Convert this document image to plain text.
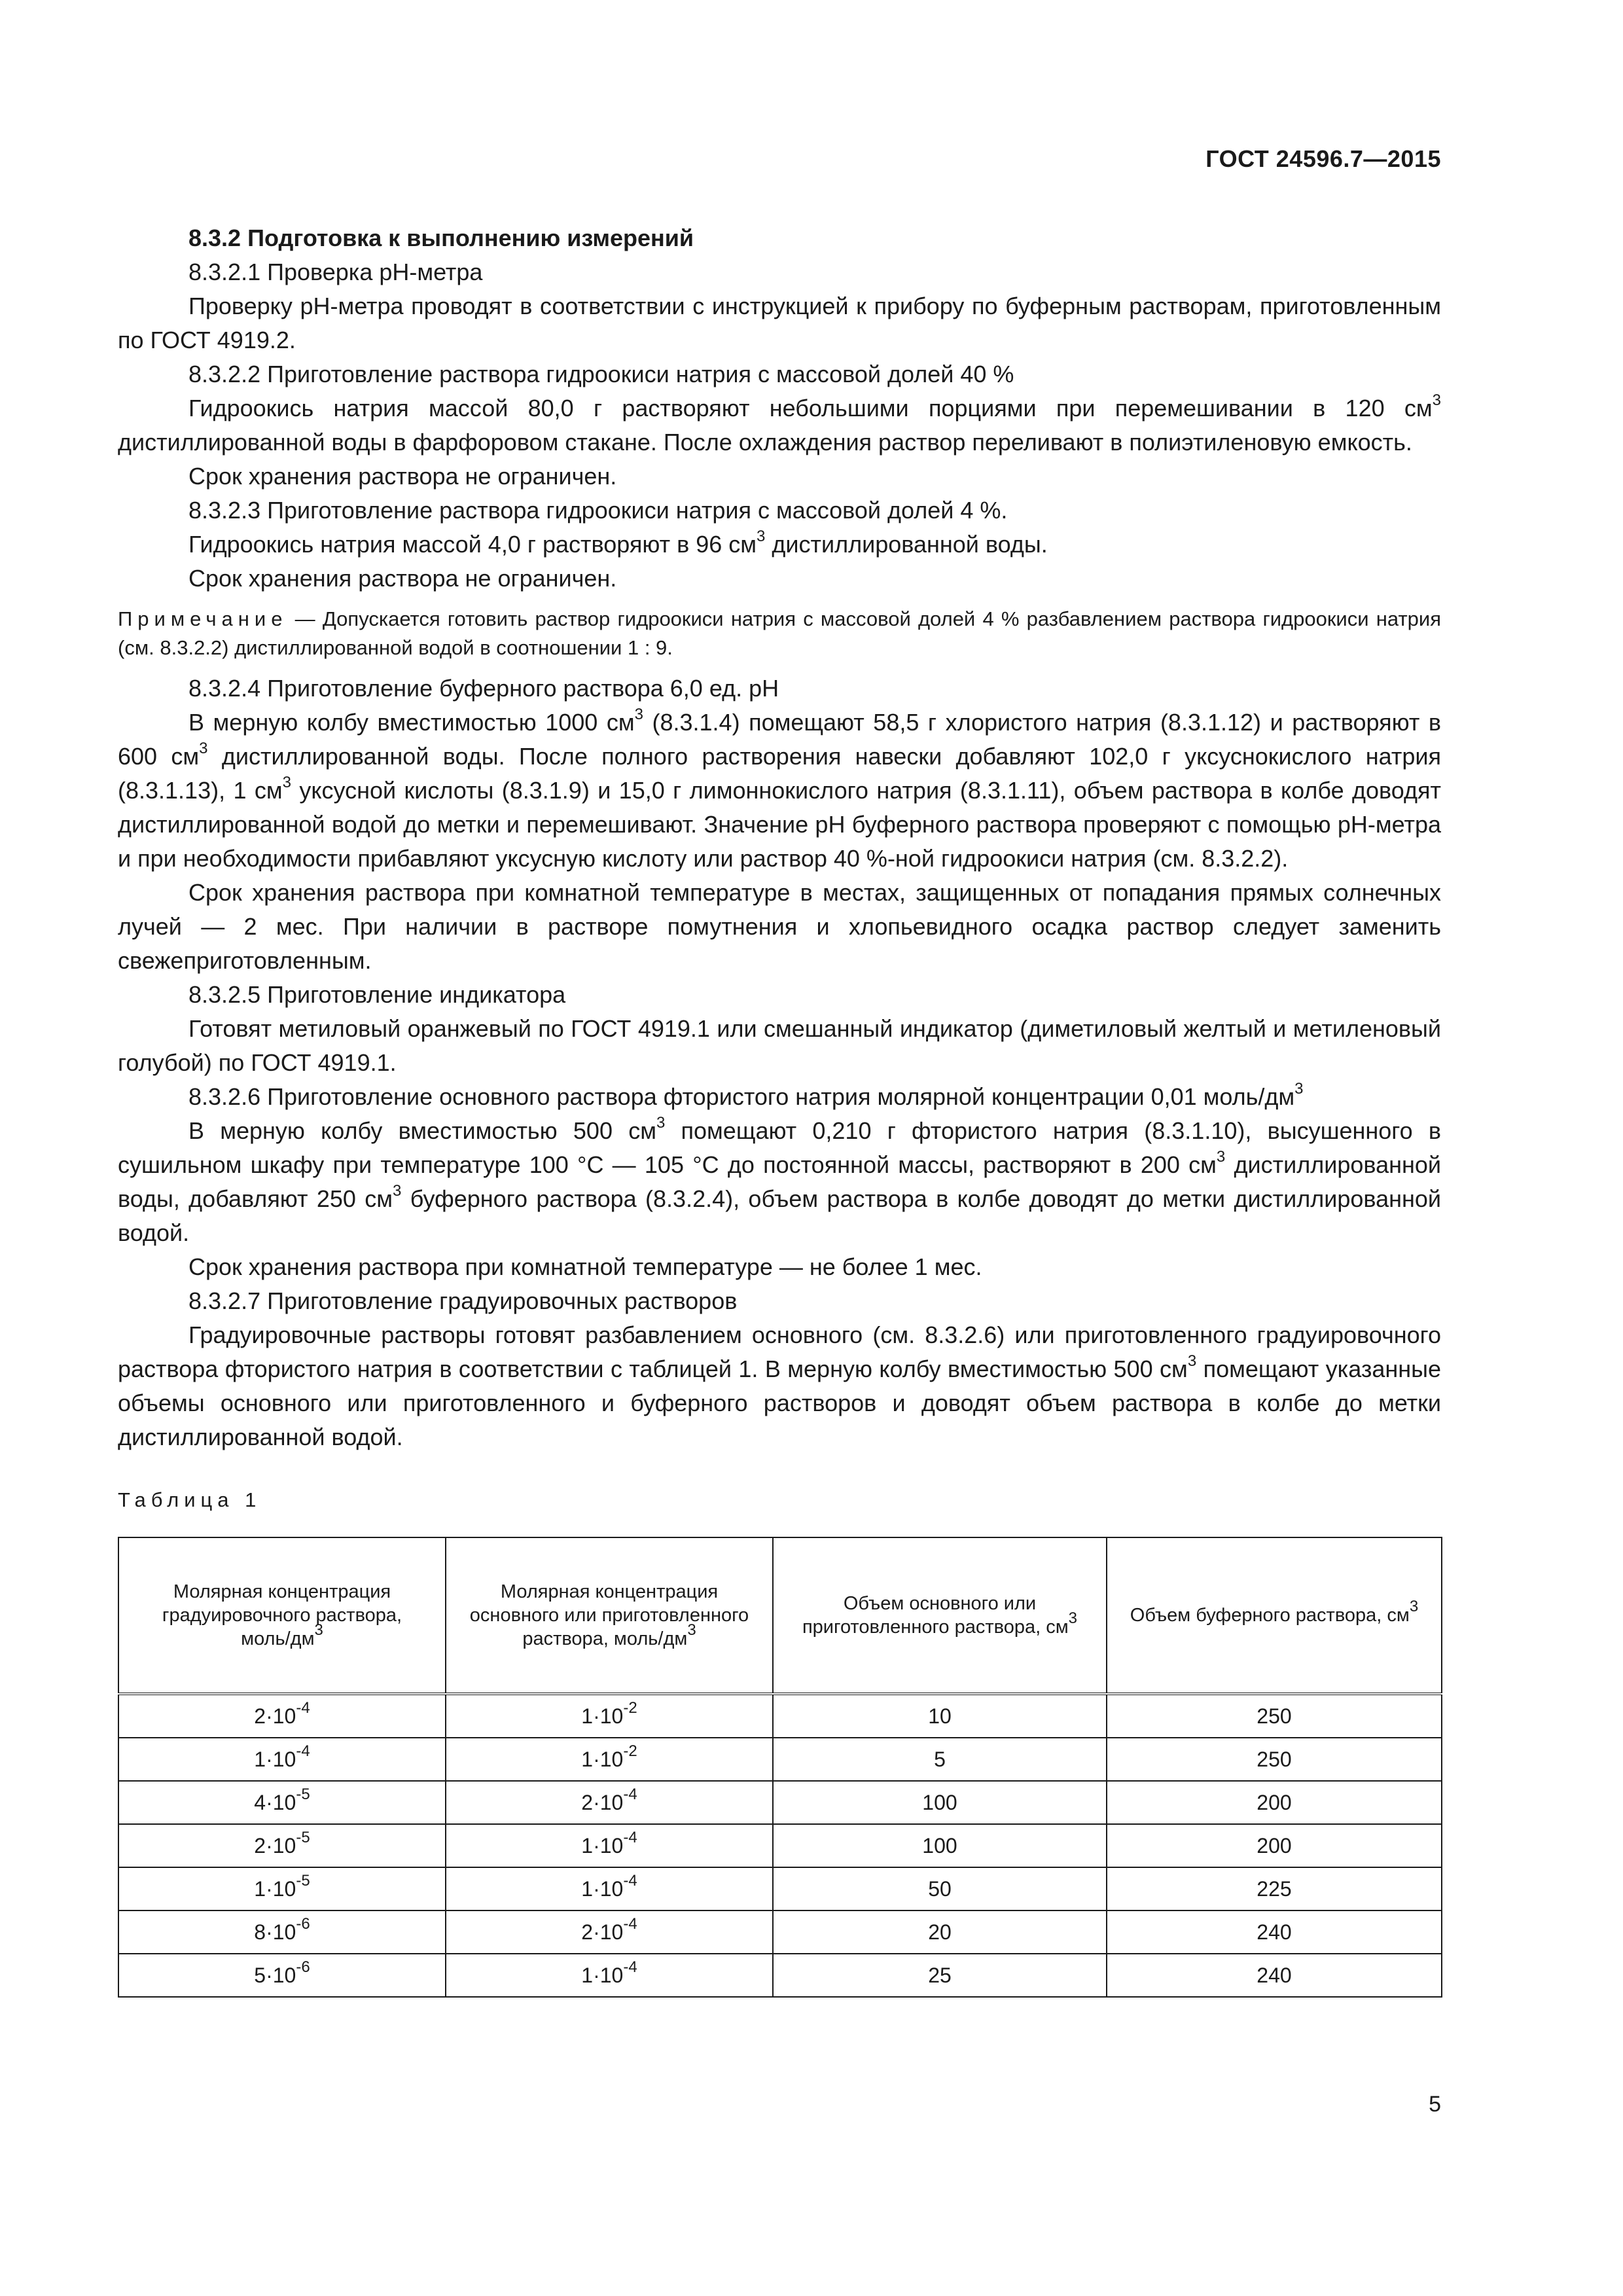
ГОСТ 24596.7—2015

8.3.2 Подготовка к выполнению измерений

8.3.2.1 Проверка pH-метра

Проверку pH-метра проводят в соответствии с инструкцией к прибору по буферным растворам, приготовленным по ГОСТ 4919.2.

8.3.2.2 Приготовление раствора гидроокиси натрия с массовой долей 40 %

Гидроокись натрия массой 80,0 г растворяют небольшими порциями при перемешивании в 120 $см^3$ дистиллированной воды в фарфоровом стакане. После охлаждения раствор переливают в полиэтиленовую емкость.

Срок хранения раствора не ограничен.

8.3.2.3 Приготовление раствора гидроокиси натрия с массовой долей 4 %.

Гидроокись натрия массой 4,0 г растворяют в 96 $см^3$ дистиллированной воды.

Срок хранения раствора не ограничен.

Примечание — Допускается готовить раствор гидроокиси натрия с массовой долей 4 % разбавлением раствора гидроокиси натрия (см. 8.3.2.2) дистиллированной водой в соотношении 1 : 9.

8.3.2.4 Приготовление буферного раствора 6,0 ед. pH

В мерную колбу вместимостью 1000 $см^3$ (8.3.1.4) помещают 58,5 г хлористого натрия (8.3.1.12) и растворяют в 600 $см^3$ дистиллированной воды. После полного растворения навески добавляют 102,0 г уксуснокислого натрия (8.3.1.13), 1 $см^3$ уксусной кислоты (8.3.1.9) и 15,0 г лимоннокислого натрия (8.3.1.11), объем раствора в колбе доводят дистиллированной водой до метки и перемешивают. Значение pH буферного раствора проверяют с помощью pH-метра и при необходимости прибавляют уксусную кислоту или раствор 40 %-ной гидроокиси натрия (см. 8.3.2.2).

Срок хранения раствора при комнатной температуре в местах, защищенных от попадания прямых солнечных лучей — 2 мес. При наличии в растворе помутнения и хлопьевидного осадка раствор следует заменить свежеприготовленным.

8.3.2.5 Приготовление индикатора

Готовят метиловый оранжевый по ГОСТ 4919.1 или смешанный индикатор (диметиловый желтый и метиленовый голубой) по ГОСТ 4919.1.

8.3.2.6 Приготовление основного раствора фтористого натрия молярной концентрации 0,01 моль/$дм^3$

В мерную колбу вместимостью 500 $см^3$ помещают 0,210 г фтористого натрия (8.3.1.10), высушенного в сушильном шкафу при температуре 100 °С — 105 °С до постоянной массы, растворяют в 200 $см^3$ дистиллированной воды, добавляют 250 $см^3$ буферного раствора (8.3.2.4), объем раствора в колбе доводят до метки дистиллированной водой.

Срок хранения раствора при комнатной температуре — не более 1 мес.

8.3.2.7 Приготовление градуировочных растворов

Градуировочные растворы готовят разбавлением основного (см. 8.3.2.6) или приготовленного градуировочного раствора фтористого натрия в соответствии с таблицей 1. В мерную колбу вместимостью 500 $см^3$ помещают указанные объемы основного или приготовленного и буферного растворов и доводят объем раствора в колбе до метки дистиллированной водой.

Таблица 1

Молярная концентрация градуировочного раствора, моль/$дм^3$	Молярная концентрация основного или приготовленного раствора, моль/$дм^3$	Объем основного или приготовленного раствора, $см^3$	Объем буферного раствора, $см^3$
$2\cdot 10^{-4}$	$1\cdot 10^{-2}$	10	250
$1\cdot 10^{-4}$	$1\cdot 10^{-2}$	5	250
$4\cdot 10^{-5}$	$2\cdot 10^{-4}$	100	200
$2\cdot 10^{-5}$	$1\cdot 10^{-4}$	100	200
$1\cdot 10^{-5}$	$1\cdot 10^{-4}$	50	225
$8\cdot 10^{-6}$	$2\cdot 10^{-4}$	20	240
$5\cdot 10^{-6}$	$1\cdot 10^{-4}$	25	240
5
